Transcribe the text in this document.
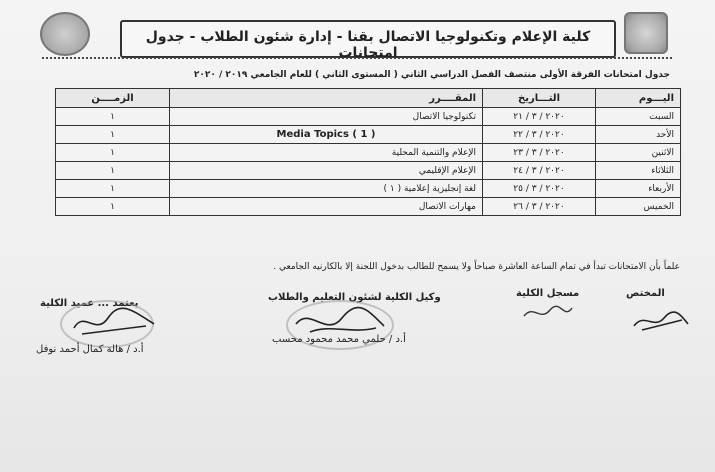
كلية الإعلام وتكنولوجيا الاتصال بقنا - إدارة شئون الطلاب - جدول امتحانات
جدول امتحانات الفرقة الأولى منتصف الفصل الدراسي الثاني ( المستوى الثاني ) للعام الجامعي ٢٠١٩ / ٢٠٢٠
اليـــوم	التـــاريخ	المقــــرر	الزمــــن
السبت	٢٠٢٠ / ٣ / ٢١	تكنولوجيا الاتصال	١
الأحد	٢٠٢٠ / ٣ / ٢٢	Media Topics ( 1 )	١
الاثنين	٢٠٢٠ / ٣ / ٢٣	الإعلام والتنمية المحلية	١
الثلاثاء	٢٠٢٠ / ٣ / ٢٤	الإعلام الإقليمي	١
الأربعاء	٢٠٢٠ / ٣ / ٢٥	لغة إنجليزية إعلامية ( ١ )	١
الخميس	٢٠٢٠ / ٣ / ٢٦	مهارات الاتصال	١
علماً بأن الامتحانات تبدأ في تمام الساعة العاشرة صباحاً ولا يسمح للطالب بدخول اللجنة إلا بالكارنيه الجامعي .
المختص
مسجل الكلية
وكيل الكلية لشئون التعليم والطلاب
يعتمد ... عميد الكلية
أ.د / حلمي محمد محمود محسب
أ.د / هالة كمال أحمد نوفل
